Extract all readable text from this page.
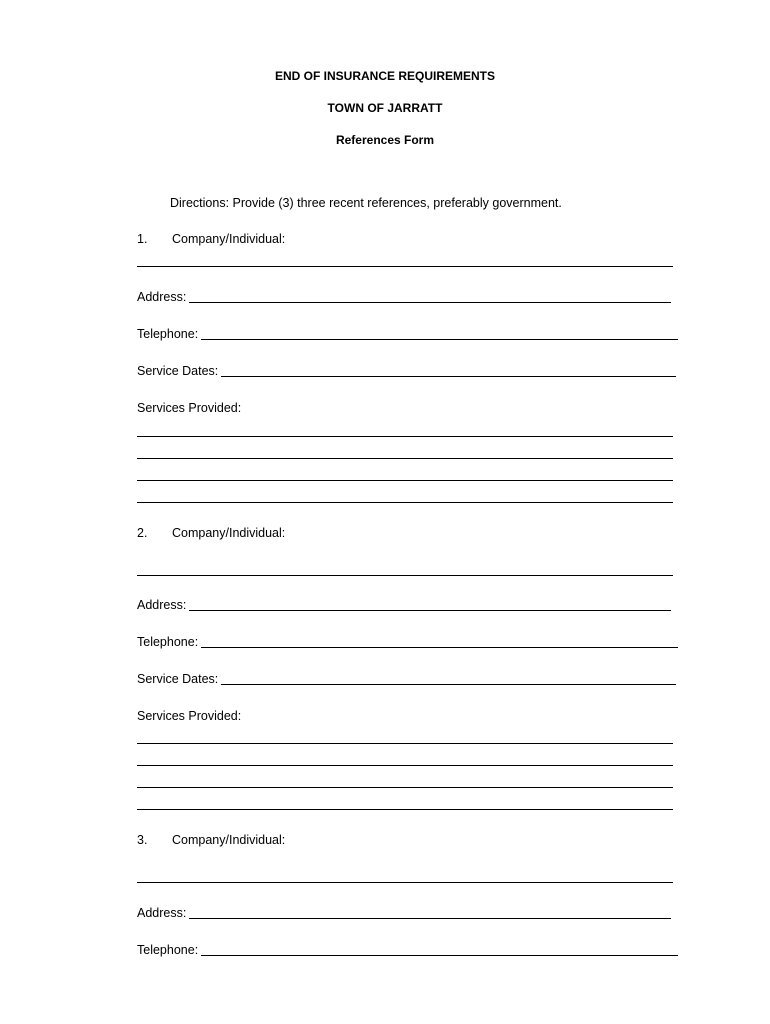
END OF INSURANCE REQUIREMENTS
TOWN OF JARRATT
References Form
Directions: Provide (3) three recent references, preferably government.
1. Company/Individual:
Address:
Telephone:
Service Dates:
Services Provided:
2. Company/Individual:
Address:
Telephone:
Service Dates:
Services Provided:
3. Company/Individual:
Address:
Telephone:
